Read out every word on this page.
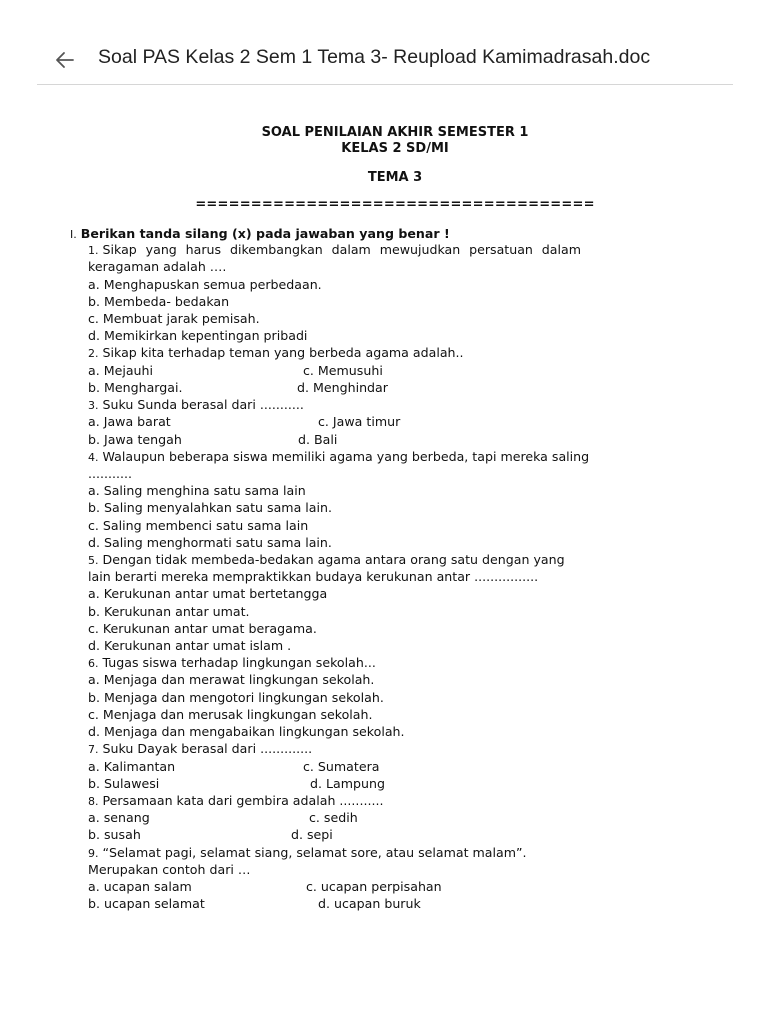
Soal PAS Kelas 2 Sem 1 Tema 3- Reupload Kamimadrasah.doc
SOAL PENILAIAN AKHIR SEMESTER 1
KELAS 2 SD/MI
TEMA 3
====================================
I. Berikan tanda silang (x) pada jawaban yang benar !
1. Sikap yang harus dikembangkan dalam mewujudkan persatuan dalam
keragaman adalah ….
a. Menghapuskan semua perbedaan.
b. Membeda- bedakan
c. Membuat jarak pemisah.
d. Memikirkan kepentingan pribadi
2. Sikap kita terhadap teman yang berbeda agama adalah..
a. Mejauhi	c. Memusuhi
b. Menghargai.	d. Menghindar
3. Suku Sunda berasal dari ...........
a. Jawa barat	c. Jawa timur
b. Jawa tengah	d. Bali
4. Walaupun beberapa siswa memiliki agama yang berbeda, tapi mereka saling
...........
a. Saling menghina satu sama lain
b. Saling menyalahkan satu sama lain.
c. Saling membenci satu sama lain
d. Saling menghormati satu sama lain.
5. Dengan tidak membeda-bedakan agama antara orang satu dengan yang
lain berarti mereka mempraktikkan budaya kerukunan antar ................
a. Kerukunan antar umat bertetangga
b. Kerukunan antar umat.
c. Kerukunan antar umat beragama.
d. Kerukunan antar umat islam .
6. Tugas siswa terhadap lingkungan sekolah...
a. Menjaga dan merawat lingkungan sekolah.
b. Menjaga dan mengotori lingkungan sekolah.
c. Menjaga dan merusak lingkungan sekolah.
d. Menjaga dan mengabaikan lingkungan sekolah.
7. Suku Dayak berasal dari .............
a. Kalimantan	c. Sumatera
b. Sulawesi	d. Lampung
8. Persamaan kata dari gembira adalah ...........
a. senang	c. sedih
b. susah	d. sepi
9. “Selamat pagi, selamat siang, selamat sore, atau selamat malam”.
Merupakan contoh dari …
a. ucapan salam	c. ucapan perpisahan
b. ucapan selamat	d. ucapan buruk
